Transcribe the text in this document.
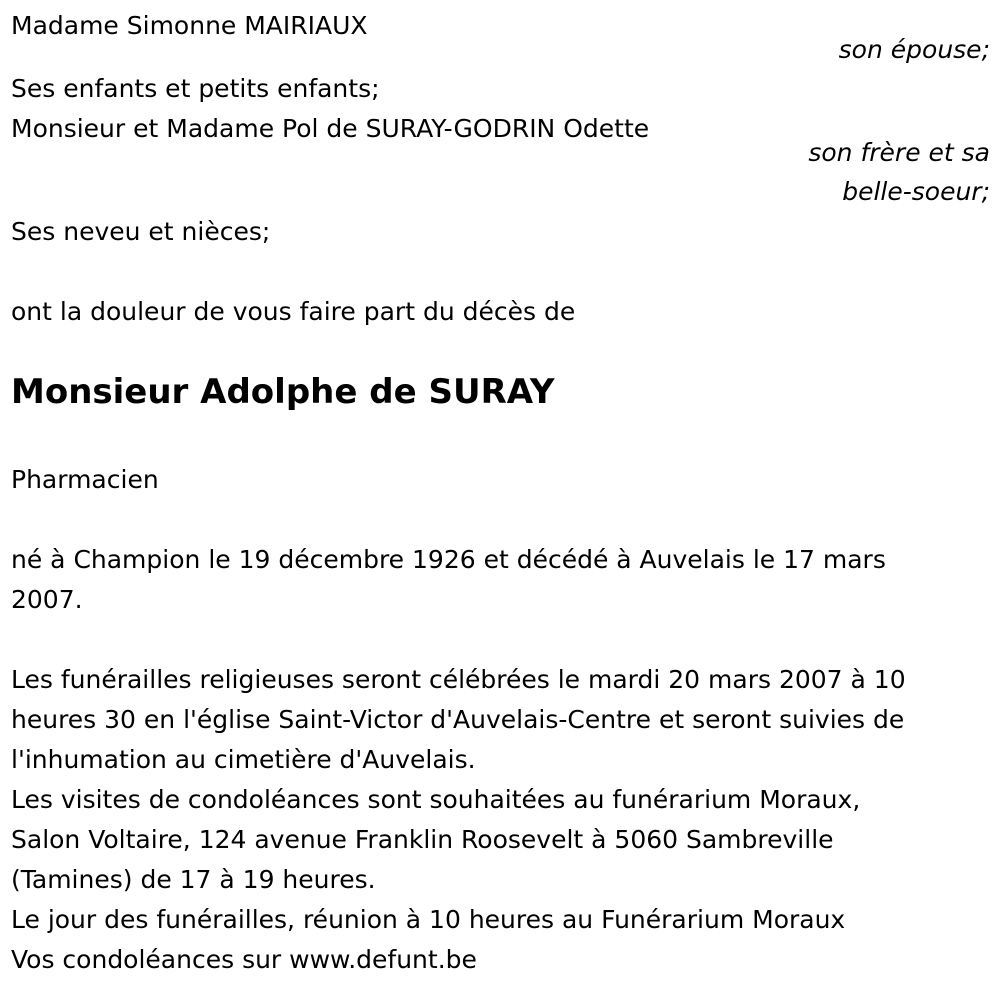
Madame Simonne MAIRIAUX
son épouse;
Ses enfants et petits enfants;
Monsieur et Madame Pol de SURAY-GODRIN Odette
son frère et sa
belle-soeur;
Ses neveu et nièces;
ont la douleur de vous faire part du décès de
Monsieur Adolphe de SURAY
Pharmacien
né à Champion le 19 décembre 1926 et décédé à Auvelais le 17 mars
2007.
Les funérailles religieuses seront célébrées le mardi 20 mars 2007 à 10
heures 30 en l'église Saint-Victor d'Auvelais-Centre et seront suivies de
l'inhumation au cimetière d'Auvelais.
Les visites de condoléances sont souhaitées au funérarium Moraux,
Salon Voltaire, 124 avenue Franklin Roosevelt à 5060 Sambreville
(Tamines) de 17 à 19 heures.
Le jour des funérailles, réunion à 10 heures au Funérarium Moraux
Vos condoléances sur www.defunt.be
